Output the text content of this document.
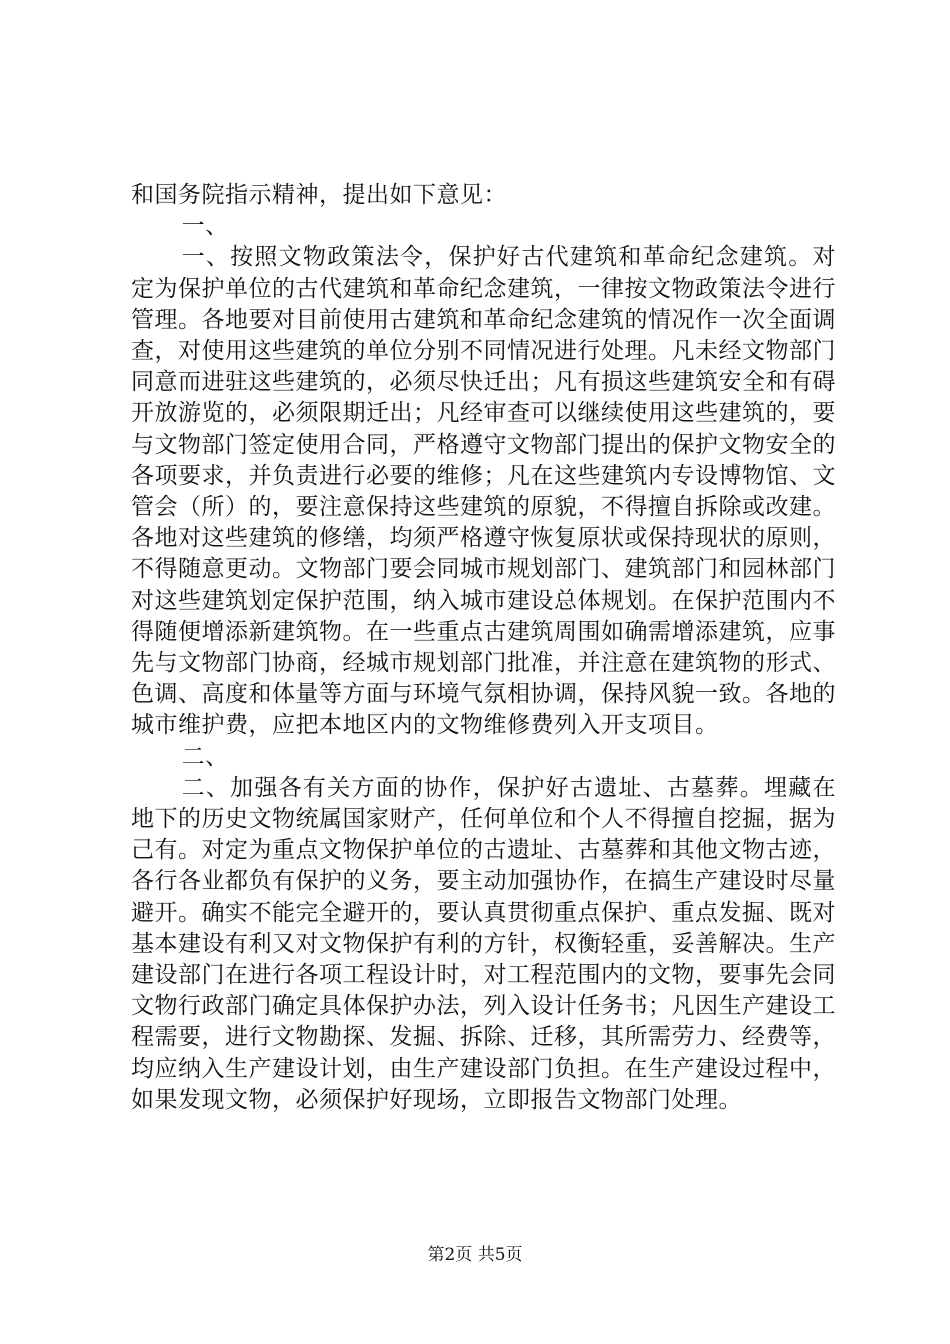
和国务院指示精神，提出如下意见：

一、

一、按照文物政策法令，保护好古代建筑和革命纪念建筑。对定为保护单位的古代建筑和革命纪念建筑，一律按文物政策法令进行管理。各地要对目前使用古建筑和革命纪念建筑的情况作一次全面调查，对使用这些建筑的单位分别不同情况进行处理。凡未经文物部门同意而进驻这些建筑的，必须尽快迁出；凡有损这些建筑安全和有碍开放游览的，必须限期迁出；凡经审查可以继续使用这些建筑的，要与文物部门签定使用合同，严格遵守文物部门提出的保护文物安全的各项要求，并负责进行必要的维修；凡在这些建筑内专设博物馆、文管会（所）的，要注意保持这些建筑的原貌，不得擅自拆除或改建。各地对这些建筑的修缮，均须严格遵守恢复原状或保持现状的原则，不得随意更动。文物部门要会同城市规划部门、建筑部门和园林部门对这些建筑划定保护范围，纳入城市建设总体规划。在保护范围内不得随便增添新建筑物。在一些重点古建筑周围如确需增添建筑，应事先与文物部门协商，经城市规划部门批准，并注意在建筑物的形式、色调、高度和体量等方面与环境气氛相协调，保持风貌一致。各地的城市维护费，应把本地区内的文物维修费列入开支项目。

二、

二、加强各有关方面的协作，保护好古遗址、古墓葬。埋藏在地下的历史文物统属国家财产，任何单位和个人不得擅自挖掘，据为己有。对定为重点文物保护单位的古遗址、古墓葬和其他文物古迹，各行各业都负有保护的义务，要主动加强协作，在搞生产建设时尽量避开。确实不能完全避开的，要认真贯彻重点保护、重点发掘、既对基本建设有利又对文物保护有利的方针，权衡轻重，妥善解决。生产建设部门在进行各项工程设计时，对工程范围内的文物，要事先会同文物行政部门确定具体保护办法，列入设计任务书；凡因生产建设工程需要，进行文物勘探、发掘、拆除、迁移，其所需劳力、经费等，均应纳入生产建设计划，由生产建设部门负担。在生产建设过程中，如果发现文物，必须保护好现场，立即报告文物部门处理。

第2页 共5页
